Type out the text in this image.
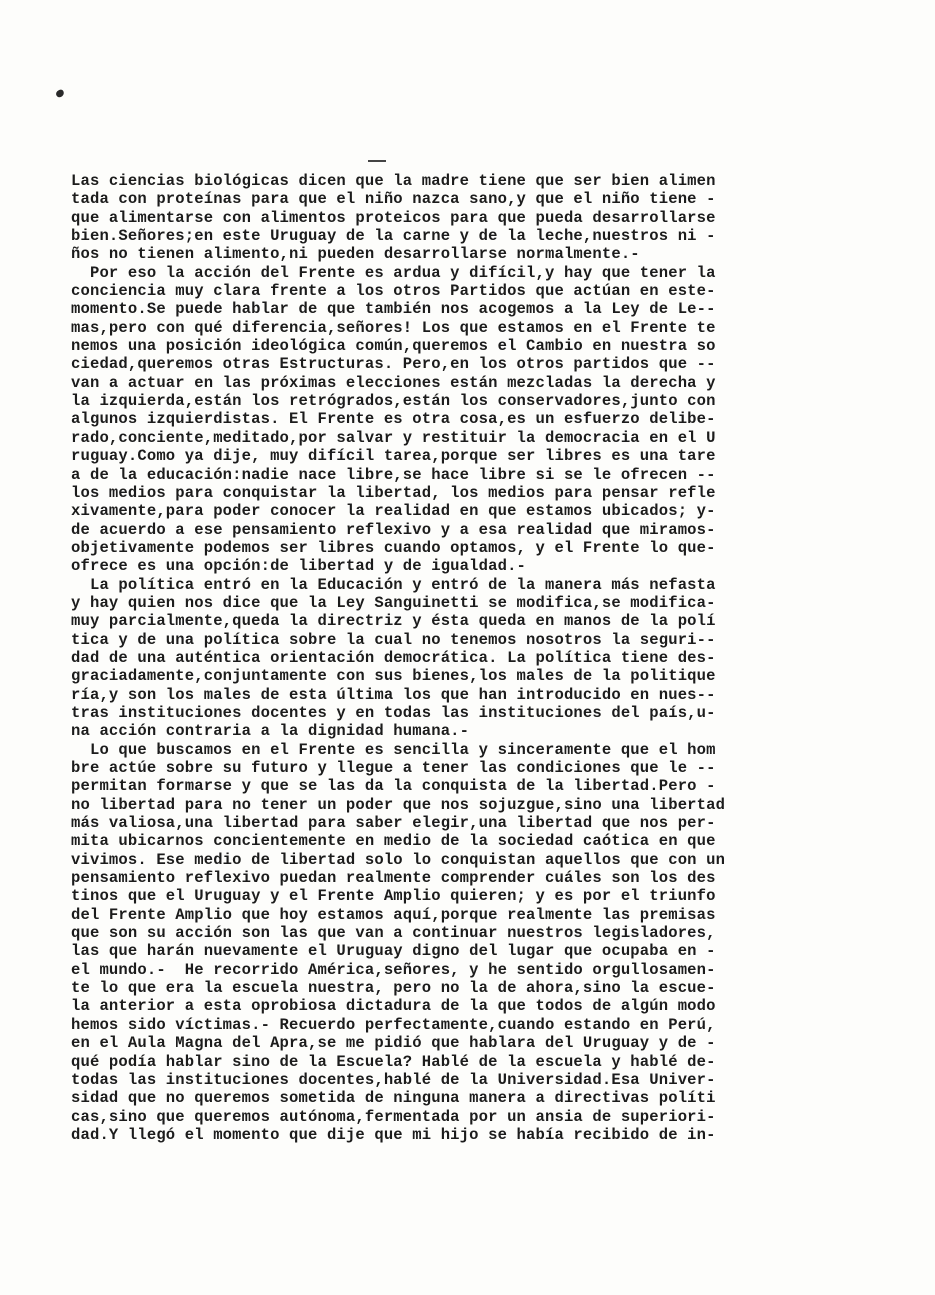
Las ciencias biológicas dicen que la madre tiene que ser bien alimen
tada con proteínas para que el niño nazca sano,y que el niño tiene -
que alimentarse con alimentos proteicos para que pueda desarrollarse
bien.Señores;en este Uruguay de la carne y de la leche,nuestros ni -
ños no tienen alimento,ni pueden desarrollarse normalmente.-
Por eso la acción del Frente es ardua y difícil,y hay que tener la
conciencia muy clara frente a los otros Partidos que actúan en este-
momento.Se puede hablar de que también nos acogemos a la Ley de Le--
mas,pero con qué diferencia,señores! Los que estamos en el Frente te
nemos una posición ideológica común,queremos el Cambio en nuestra so
ciedad,queremos otras Estructuras. Pero,en los otros partidos que --
van a actuar en las próximas elecciones están mezcladas la derecha y
la izquierda,están los retrógrados,están los conservadores,junto con
algunos izquierdistas. El Frente es otra cosa,es un esfuerzo delibe-
rado,conciente,meditado,por salvar y restituir la democracia en el U
ruguay.Como ya dije, muy difícil tarea,porque ser libres es una tare
a de la educación:nadie nace libre,se hace libre si se le ofrecen --
los medios para conquistar la libertad, los medios para pensar refle
xivamente,para poder conocer la realidad en que estamos ubicados; y-
de acuerdo a ese pensamiento reflexivo y a esa realidad que miramos-
objetivamente podemos ser libres cuando optamos, y el Frente lo que-
ofrece es una opción:de libertad y de igualdad.-
La política entró en la Educación y entró de la manera más nefasta
y hay quien nos dice que la Ley Sanguinetti se modifica,se modifica-
muy parcialmente,queda la directriz y ésta queda en manos de la polí
tica y de una política sobre la cual no tenemos nosotros la seguri--
dad de una auténtica orientación democrática. La política tiene des-
graciadamente,conjuntamente con sus bienes,los males de la politique
ría,y son los males de esta última los que han introducido en nues--
tras instituciones docentes y en todas las instituciones del país,u-
na acción contraria a la dignidad humana.-
Lo que buscamos en el Frente es sencilla y sinceramente que el hom
bre actúe sobre su futuro y llegue a tener las condiciones que le --
permitan formarse y que se las da la conquista de la libertad.Pero -
no libertad para no tener un poder que nos sojuzgue,sino una libertad
más valiosa,una libertad para saber elegir,una libertad que nos per-
mita ubicarnos concientemente en medio de la sociedad caótica en que
vivimos. Ese medio de libertad solo lo conquistan aquellos que con un
pensamiento reflexivo puedan realmente comprender cuáles son los des
tinos que el Uruguay y el Frente Amplio quieren; y es por el triunfo
del Frente Amplio que hoy estamos aquí,porque realmente las premisas
que son su acción son las que van a continuar nuestros legisladores,
las que harán nuevamente el Uruguay digno del lugar que ocupaba en -
el mundo.-  He recorrido América,señores, y he sentido orgullosamen-
te lo que era la escuela nuestra, pero no la de ahora,sino la escue-
la anterior a esta oprobiosa dictadura de la que todos de algún modo
hemos sido víctimas.- Recuerdo perfectamente,cuando estando en Perú,
en el Aula Magna del Apra,se me pidió que hablara del Uruguay y de -
qué podía hablar sino de la Escuela? Hablé de la escuela y hablé de-
todas las instituciones docentes,hablé de la Universidad.Esa Univer-
sidad que no queremos sometida de ninguna manera a directivas políti
cas,sino que queremos autónoma,fermentada por un ansia de superiori-
dad.Y llegó el momento que dije que mi hijo se había recibido de in-
